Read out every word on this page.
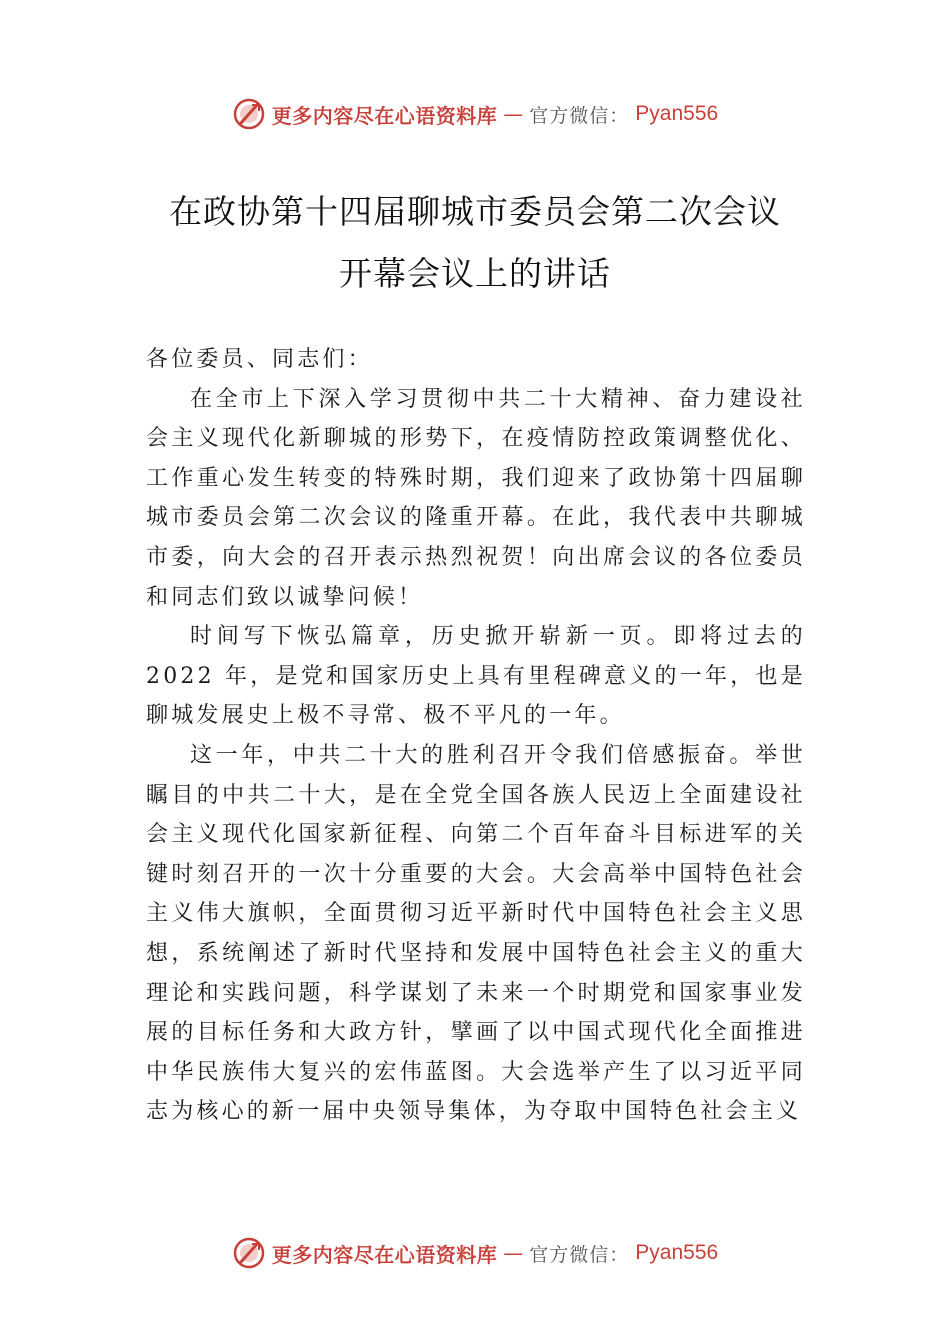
更多内容尽在心语资料库 — 官方微信： Pyan556
在政协第十四届聊城市委员会第二次会议
开幕会议上的讲话

各位委员、同志们：

在全市上下深入学习贯彻中共二十大精神、奋力建设社会主义现代化新聊城的形势下，在疫情防控政策调整优化、 工作重心发生转变的特殊时期，我们迎来了政协第十四届聊城市委员会第二次会议的隆重开幕。在此，我代表中共聊城市委，向大会的召开表示热烈祝贺！向出席会议的各位委员和同志们致以诚挚问候！

时间写下恢弘篇章，历史掀开崭新一页。即将过去的2022 年，是党和国家历史上具有里程碑意义的一年，也是聊城发展史上极不寻常、极不平凡的一年。

这一年，中共二十大的胜利召开令我们倍感振奋。举世瞩目的中共二十大，是在全党全国各族人民迈上全面建设社会主义现代化国家新征程、向第二个百年奋斗目标进军的关键时刻召开的一次十分重要的大会。大会高举中国特色社会主义伟大旗帜，全面贯彻习近平新时代中国特色社会主义思想，系统阐述了新时代坚持和发展中国特色社会主义的重大理论和实践问题，科学谋划了未来一个时期党和国家事业发展的目标任务和大政方针，擘画了以中国式现代化全面推进中华民族伟大复兴的宏伟蓝图。大会选举产生了以习近平同志为核心的新一届中央领导集体，为夺取中国特色社会主义

更多内容尽在心语资料库 — 官方微信： Pyan556
